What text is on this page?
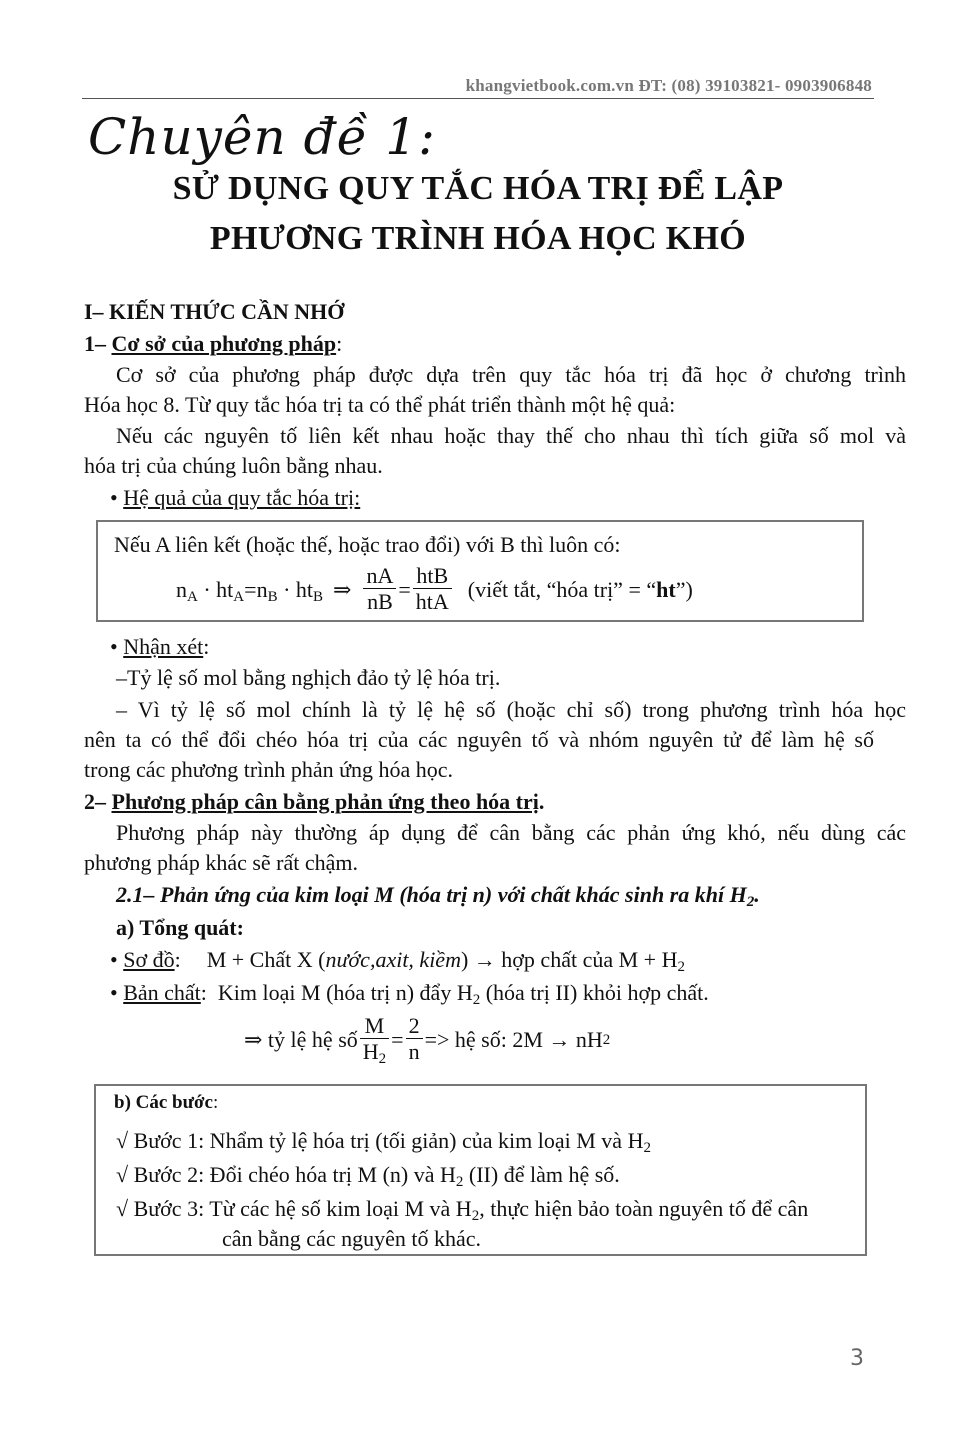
khangvietbook.com.vn ĐT: (08) 39103821- 0903906848
Chuyên đề 1:
SỬ DỤNG QUY TẮC HÓA TRỊ ĐỂ LẬP
PHƯƠNG TRÌNH HÓA HỌC KHÓ
I– KIẾN THỨC CẦN NHỚ
1– Cơ sở của phương pháp:
Cơ sở của phương pháp được dựa trên quy tắc hóa trị đã học ở chương trình
Hóa học 8. Từ quy tắc hóa trị ta có thể phát triển thành một hệ quả:
Nếu các nguyên tố liên kết nhau hoặc thay thế cho nhau thì tích giữa số mol và
hóa trị của chúng luôn bằng nhau.
• Hệ quả của quy tắc hóa trị:
Nếu A liên kết (hoặc thế, hoặc trao đổi) với B thì luôn có:
$n_A \cdot ht_A = n_B \cdot ht_B$ ⇒ $\frac{nA}{nB} = \frac{\text{htB}}{\text{htA}}$ (viết tắt, “hóa trị” = “ht”)
• Nhận xét:
–Tỷ lệ số mol bằng nghịch đảo tỷ lệ hóa trị.
– Vì tỷ lệ số mol chính là tỷ lệ hệ số (hoặc chỉ số) trong phương trình hóa học
nên ta có thể đổi chéo hóa trị của các nguyên tố và nhóm nguyên tử để làm hệ số
trong các phương trình phản ứng hóa học.
2– Phương pháp cân bằng phản ứng theo hóa trị.
Phương pháp này thường áp dụng để cân bằng các phản ứng khó, nếu dùng các
phương pháp khác sẽ rất chậm.
2.1– Phản ứng của kim loại M (hóa trị n) với chất khác sinh ra khí $H_2$.
a) Tổng quát:
• Sơ đồ: M + Chất X (nước,axit, kiềm) → hợp chất của $M + H_2$
• Bản chất: Kim loại M (hóa trị n) đẩy $H_2$ (hóa trị II) khỏi hợp chất.
⇒ tỷ lệ hệ số $\frac{M}{H_2} = \frac{2}{n}$ => hệ số: 2M → nH 2
b) Các bước:
√ Bước 1: Nhẩm tỷ lệ hóa trị (tối giản) của kim loại M và $H_2$
√ Bước 2: Đổi chéo hóa trị M (n) và $H_2$ (II) để làm hệ số.
√ Bước 3: Từ các hệ số kim loại M và $H_2$, thực hiện bảo toàn nguyên tố để cân
cân bằng các nguyên tố khác.
3
